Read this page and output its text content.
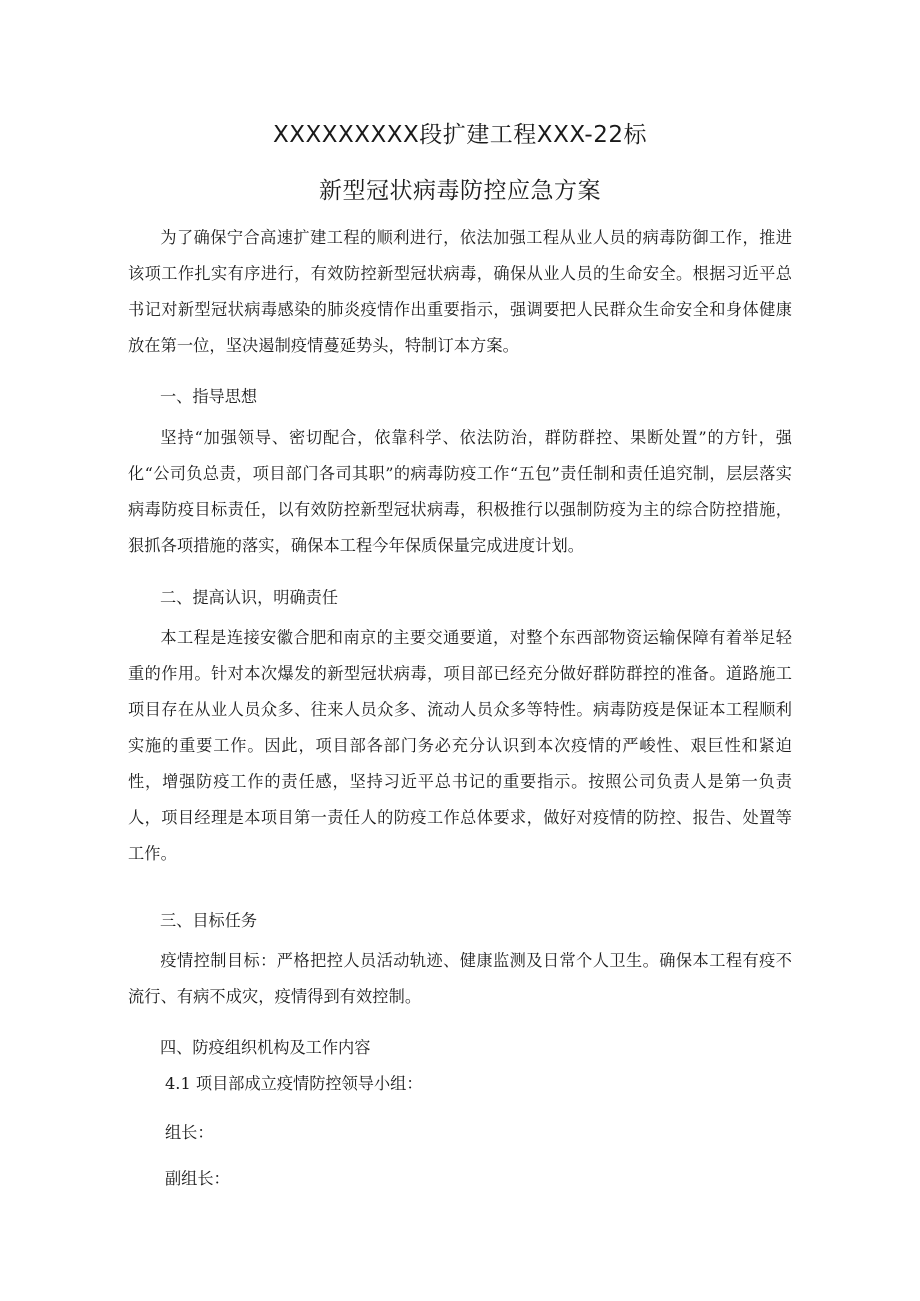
XXXXXXXXX段扩建工程XXX-22标
新型冠状病毒防控应急方案

为了确保宁合高速扩建工程的顺利进行，依法加强工程从业人员的病毒防御工作，推进该项工作扎实有序进行，有效防控新型冠状病毒，确保从业人员的生命安全。根据习近平总书记对新型冠状病毒感染的肺炎疫情作出重要指示，强调要把人民群众生命安全和身体健康放在第一位，坚决遏制疫情蔓延势头，特制订本方案。

一、指导思想

坚持“加强领导、密切配合，依靠科学、依法防治，群防群控、果断处置”的方针，强化“公司负总责，项目部门各司其职”的病毒防疫工作“五包”责任制和责任追究制，层层落实病毒防疫目标责任，以有效防控新型冠状病毒，积极推行以强制防疫为主的综合防控措施，狠抓各项措施的落实，确保本工程今年保质保量完成进度计划。

二、提高认识，明确责任

本工程是连接安徽合肥和南京的主要交通要道，对整个东西部物资运输保障有着举足轻重的作用。针对本次爆发的新型冠状病毒，项目部已经充分做好群防群控的准备。道路施工项目存在从业人员众多、往来人员众多、流动人员众多等特性。病毒防疫是保证本工程顺利实施的重要工作。因此，项目部各部门务必充分认识到本次疫情的严峻性、艰巨性和紧迫性，增强防疫工作的责任感，坚持习近平总书记的重要指示。按照公司负责人是第一负责人，项目经理是本项目第一责任人的防疫工作总体要求，做好对疫情的防控、报告、处置等工作。

三、目标任务

疫情控制目标：严格把控人员活动轨迹、健康监测及日常个人卫生。确保本工程有疫不流行、有病不成灾，疫情得到有效控制。

四、防疫组织机构及工作内容

4.1 项目部成立疫情防控领导小组：

组长：

副组长：
